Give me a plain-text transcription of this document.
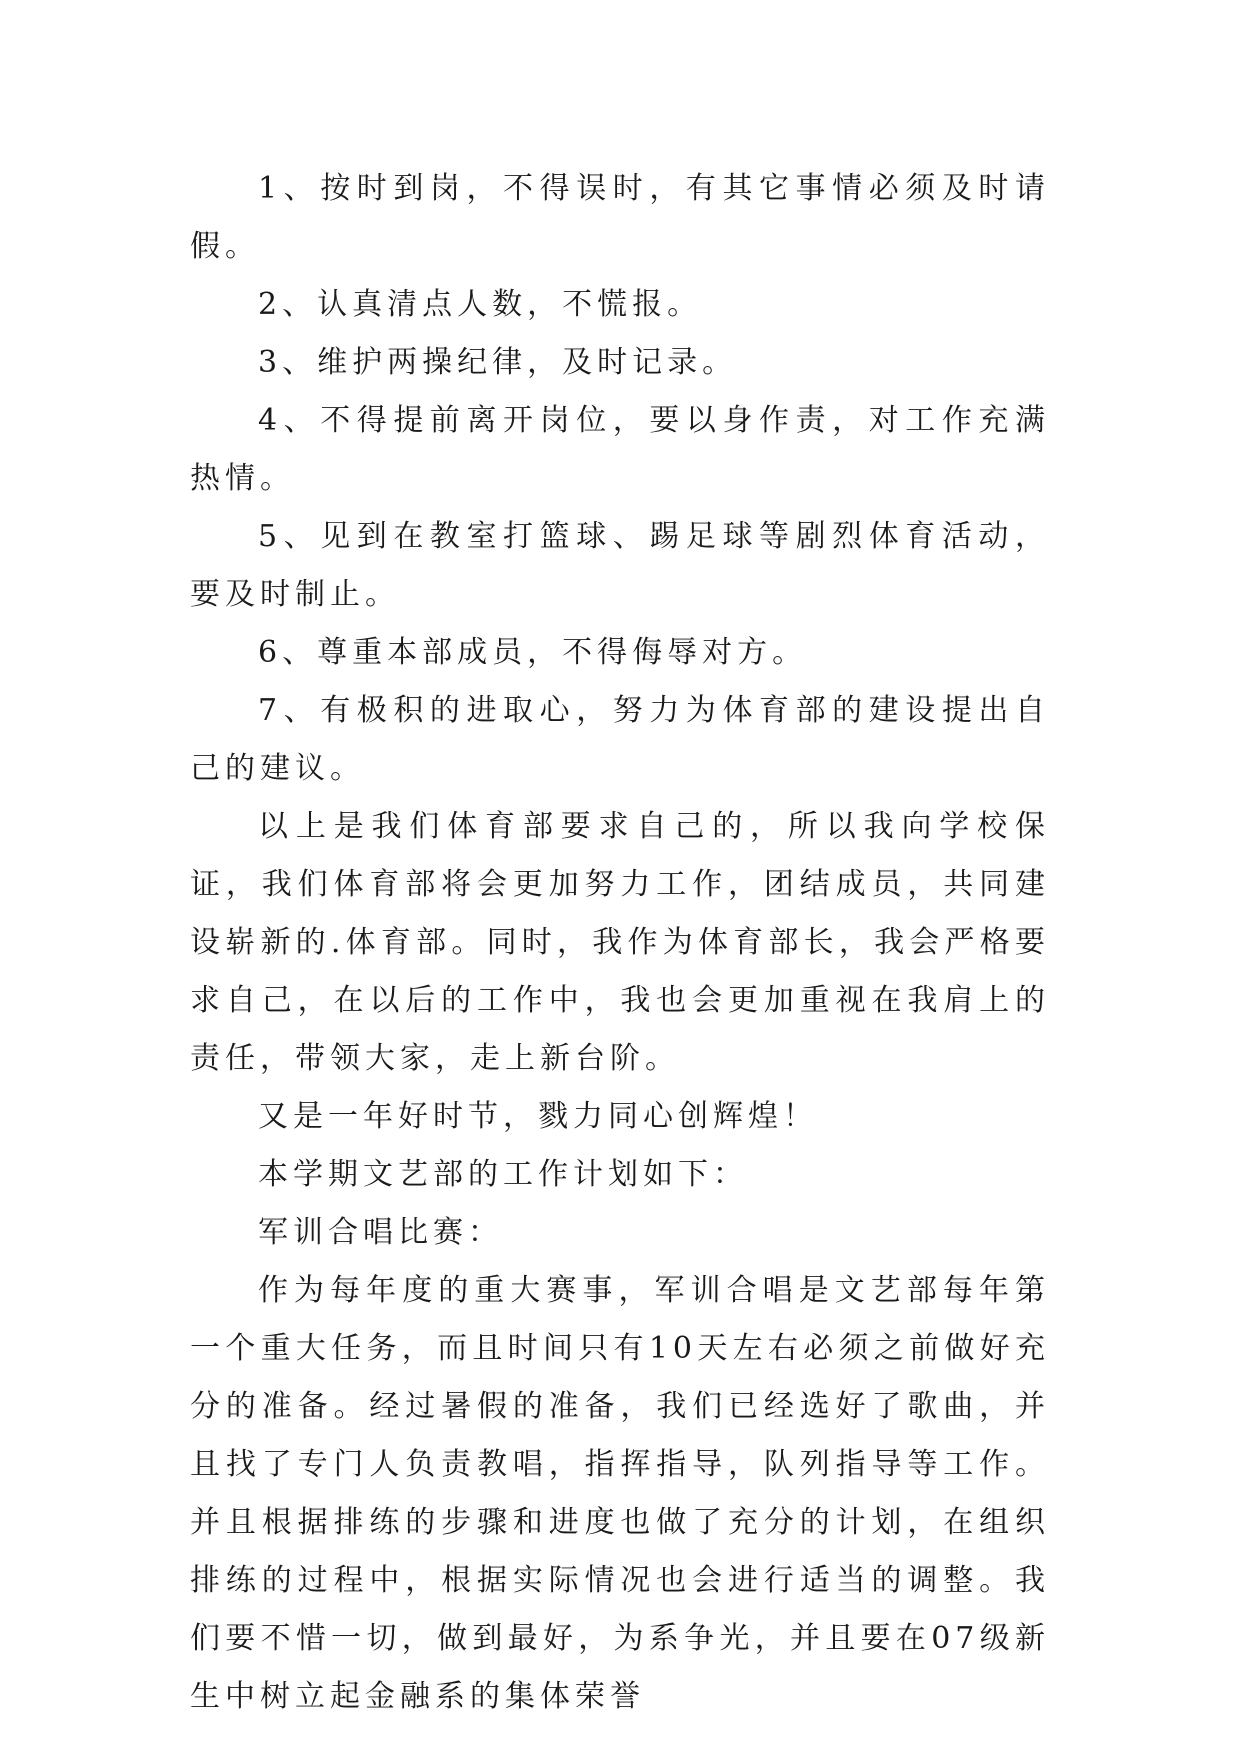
1、按时到岗，不得误时，有其它事情必须及时请假。

2、认真清点人数，不慌报。

3、维护两操纪律，及时记录。

4、不得提前离开岗位，要以身作责，对工作充满热情。

5、见到在教室打篮球、踢足球等剧烈体育活动，要及时制止。

6、尊重本部成员，不得侮辱对方。

7、有极积的进取心，努力为体育部的建设提出自己的建议。

以上是我们体育部要求自己的，所以我向学校保证，我们体育部将会更加努力工作，团结成员，共同建设崭新的.体育部。同时，我作为体育部长，我会严格要求自己，在以后的工作中，我也会更加重视在我肩上的责任，带领大家，走上新台阶。

又是一年好时节，戮力同心创辉煌！

本学期文艺部的工作计划如下：

军训合唱比赛：

作为每年度的重大赛事，军训合唱是文艺部每年第一个重大任务，而且时间只有10天左右必须之前做好充分的准备。经过暑假的准备，我们已经选好了歌曲，并且找了专门人负责教唱，指挥指导，队列指导等工作。并且根据排练的步骤和进度也做了充分的计划，在组织排练的过程中，根据实际情况也会进行适当的调整。我们要不惜一切，做到最好，为系争光，并且要在07级新生中树立起金融系的集体荣誉
